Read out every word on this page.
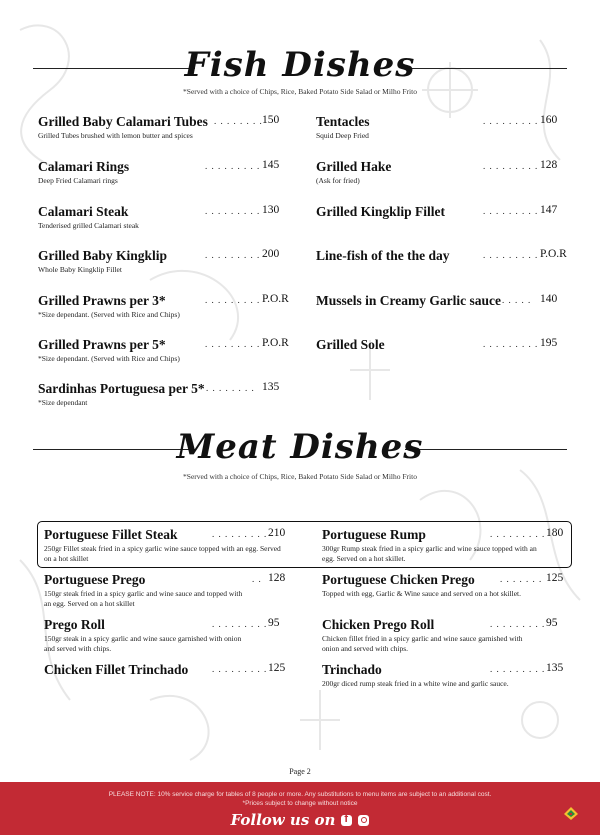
Fish Dishes
*Served with a choice of Chips, Rice, Baked Potato Side Salad or Milho Frito
Grilled Baby Calamari Tubes
Grilled Tubes brushed with lemon butter and spices
. . . . . . . . 150
Calamari Rings
Deep Fried Calamari rings
. . . . . . . . . 145
Calamari Steak
Tenderised grilled Calamari steak
. . . . . . . . . 130
Grilled Baby Kingklip
Whole Baby Kingklip Fillet
. . . . . . . . . 200
Grilled Prawns per 3*
*Size dependant. (Served with Rice and Chips)
. . . . . . . . . P.O.R
Grilled Prawns per 5*
*Size dependant. (Served with Rice and Chips)
. . . . . . . . . P.O.R
Sardinhas Portuguesa per 5*
*Size dependant
. . . . . . . . 135
Tentacles
Squid Deep Fried
. . . . . . . . . 160
Grilled Hake
(Ask for fried)
. . . . . . . . . 128
Grilled Kingklip Fillet	. . . . . . . . . 147
Line-fish of the the day	. . . . . . . . . P.O.R
Mussels in Creamy Garlic sauce . . . . . 140
Grilled Sole	. . . . . . . . . 195
Meat Dishes
*Served with a choice of Chips, Rice, Baked Potato Side Salad or Milho Frito
Portuguese Fillet Steak
250gr Fillet steak fried in a spicy garlic wine sauce topped with an egg. Served on a hot skillet
. . . . . . . . . 210
Portuguese Prego
150gr steak fried in a spicy garlic and wine sauce and topped with an egg. Served on a hot skillet
. . 128
Prego Roll
150gr steak in a spicy garlic and wine sauce garnished with onion and served with chips.
. . . . . . . . . 95
Chicken Fillet Trinchado	. . . . . . . . . 125
Portuguese Rump
300gr Rump steak fried in a spicy garlic and wine sauce topped with an egg. Served on a hot skillet.
. . . . . . . . . 180
Portuguese Chicken Prego
Topped with egg, Garlic & Wine sauce and served on a hot skillet.
. . . . . . . 125
Chicken Prego Roll
Chicken fillet fried in a spicy garlic and wine sauce garnished with onion and served with chips.
. . . . . . . . . 95
Trinchado
200gr diced rump steak fried in a white wine and garlic sauce.
. . . . . . . . . 135
Page 2
PLEASE NOTE: 10% service charge for tables of 8 people or more. Any substitutions to menu items are subject to an additional cost.
*Prices subject to change without notice
Follow us on
f
